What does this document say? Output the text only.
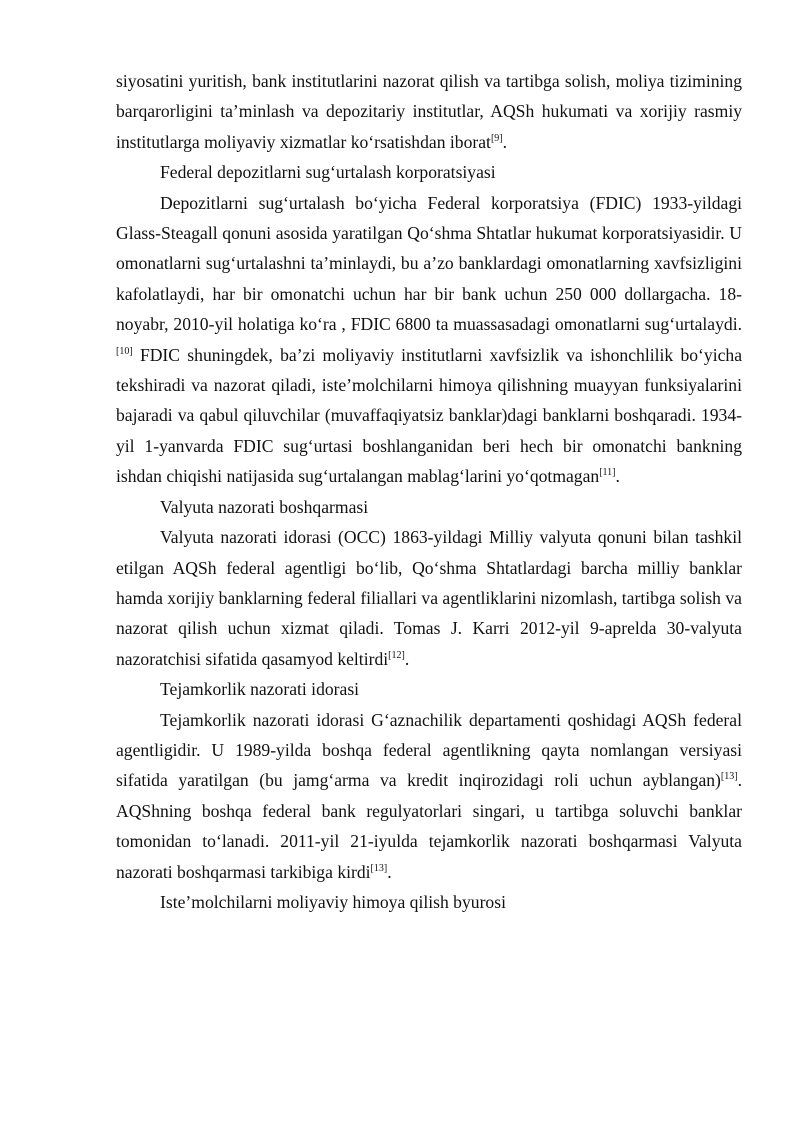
siyosatini yuritish, bank institutlarini nazorat qilish va tartibga solish, moliya tizimining barqarorligini ta’minlash va depozitariy institutlar, AQSh hukumati va xorijiy rasmiy institutlarga moliyaviy xizmatlar ko‘rsatishdan iborat[9].

Federal depozitlarni sug‘urtalash korporatsiyasi

Depozitlarni sug‘urtalash bo‘yicha Federal korporatsiya (FDIC) 1933-yildagi Glass-Steagall qonuni asosida yaratilgan Qo‘shma Shtatlar hukumat korporatsiyasidir. U omonatlarni sug‘urtalashni ta’minlaydi, bu a’zo banklardagi omonatlarning xavfsizligini kafolatlaydi, har bir omonatchi uchun har bir bank uchun 250 000 dollargacha. 18-noyabr, 2010-yil holatiga ko‘ra , FDIC 6800 ta muassasadagi omonatlarni sug‘urtalaydi.[10] FDIC shuningdek, ba’zi moliyaviy institutlarni xavfsizlik va ishonchlilik bo‘yicha tekshiradi va nazorat qiladi, iste’molchilarni himoya qilishning muayyan funksiyalarini bajaradi va qabul qiluvchilar (muvaffaqiyatsiz banklar)dagi banklarni boshqaradi. 1934-yil 1-yanvarda FDIC sug‘urtasi boshlanganidan beri hech bir omonatchi bankning ishdan chiqishi natijasida sug‘urtalangan mablag‘larini yo‘qotmagan[11].

Valyuta nazorati boshqarmasi

Valyuta nazorati idorasi (OCC) 1863-yildagi Milliy valyuta qonuni bilan tashkil etilgan AQSh federal agentligi bo‘lib, Qo‘shma Shtatlardagi barcha milliy banklar hamda xorijiy banklarning federal filiallari va agentliklarini nizomlash, tartibga solish va nazorat qilish uchun xizmat qiladi. Tomas J. Karri 2012-yil 9-aprelda 30-valyuta nazoratchisi sifatida qasamyod keltirdi[12].

Tejamkorlik nazorati idorasi

Tejamkorlik nazorati idorasi G‘aznachilik departamenti qoshidagi AQSh federal agentligidir. U 1989-yilda boshqa federal agentlikning qayta nomlangan versiyasi sifatida yaratilgan (bu jamg‘arma va kredit inqirozidagi roli uchun ayblangan)[13]. AQShning boshqa federal bank regulyatorlari singari, u tartibga soluvchi banklar tomonidan to‘lanadi. 2011-yil 21-iyulda tejamkorlik nazorati boshqarmasi Valyuta nazorati boshqarmasi tarkibiga kirdi[13].

Iste’molchilarni moliyaviy himoya qilish byurosi
